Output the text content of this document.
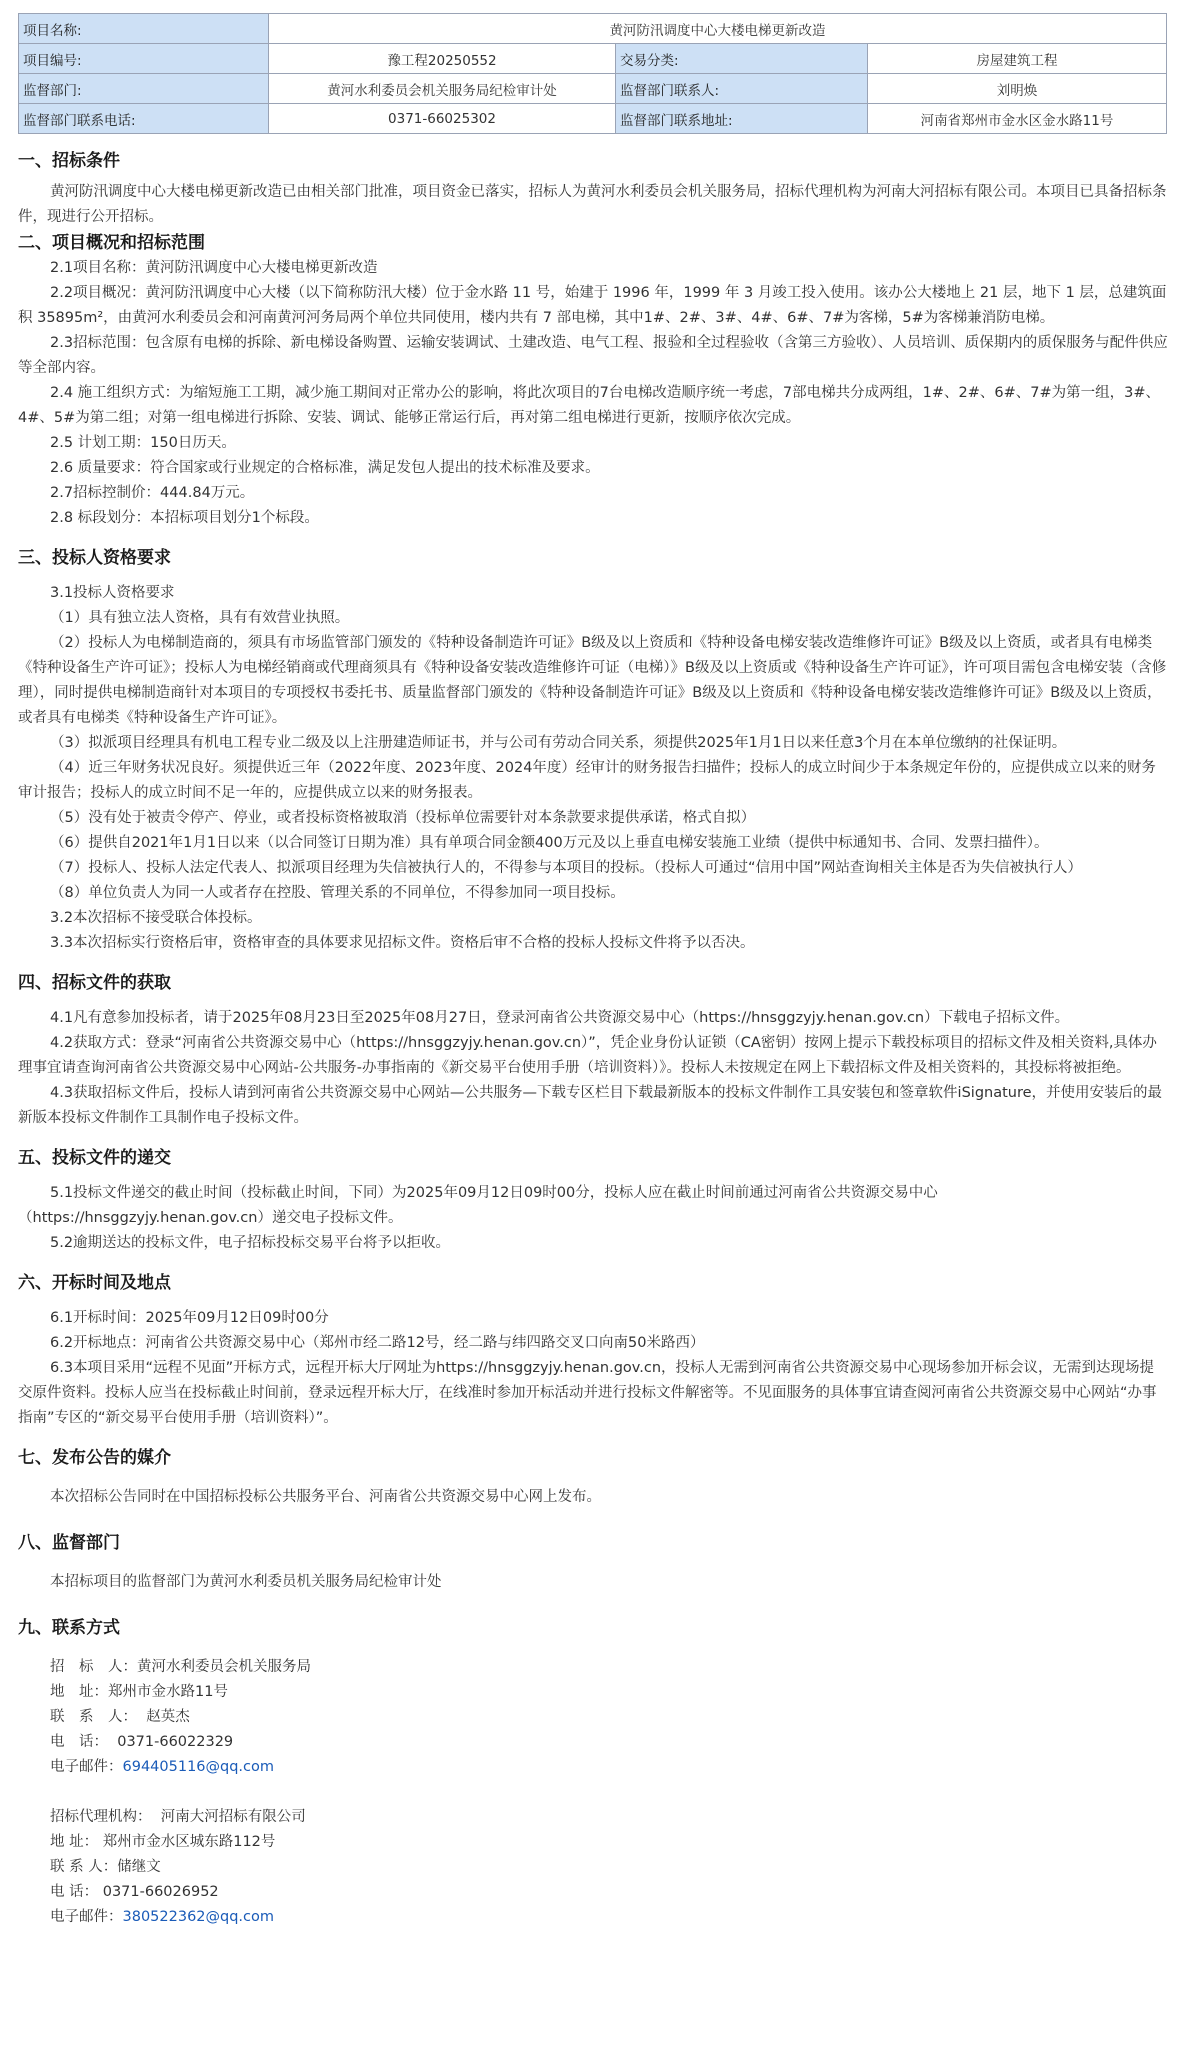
项目名称:	黄河防汛调度中心大楼电梯更新改造		
项目编号:	豫工程20250552	交易分类:	房屋建筑工程
监督部门:	黄河水利委员会机关服务局纪检审计处	监督部门联系人:	刘明焕
监督部门联系电话:	0371-66025302	监督部门联系地址:	河南省郑州市金水区金水路11号
一、招标条件

黄河防汛调度中心大楼电梯更新改造已由相关部门批准，项目资金已落实，招标人为黄河水利委员会机关服务局，招标代理机构为河南大河招标有限公司。本项目已具备招标条件，现进行公开招标。

二、项目概况和招标范围

2.1项目名称：黄河防汛调度中心大楼电梯更新改造

2.2项目概况：黄河防汛调度中心大楼（以下简称防汛大楼）位于金水路 11 号，始建于 1996 年，1999 年 3 月竣工投入使用。该办公大楼地上 21 层，地下 1 层，总建筑面积 35895m²，由黄河水利委员会和河南黄河河务局两个单位共同使用，楼内共有 7 部电梯，其中1#、2#、3#、4#、6#、7#为客梯，5#为客梯兼消防电梯。

2.3招标范围：包含原有电梯的拆除、新电梯设备购置、运输安装调试、土建改造、电气工程、报验和全过程验收（含第三方验收）、人员培训、质保期内的质保服务与配件供应等全部内容。

2.4 施工组织方式：为缩短施工工期，减少施工期间对正常办公的影响，将此次项目的7台电梯改造顺序统一考虑，7部电梯共分成两组，1#、2#、6#、7#为第一组，3#、4#、5#为第二组；对第一组电梯进行拆除、安装、调试、能够正常运行后，再对第二组电梯进行更新，按顺序依次完成。

2.5 计划工期：150日历天。

2.6 质量要求：符合国家或行业规定的合格标准，满足发包人提出的技术标准及要求。

2.7招标控制价：444.84万元。

2.8 标段划分：本招标项目划分1个标段。

三、投标人资格要求

3.1投标人资格要求

（1）具有独立法人资格，具有有效营业执照。

（2）投标人为电梯制造商的，须具有市场监管部门颁发的《特种设备制造许可证》B级及以上资质和《特种设备电梯安装改造维修许可证》B级及以上资质，或者具有电梯类《特种设备生产许可证》；投标人为电梯经销商或代理商须具有《特种设备安装改造维修许可证（电梯）》B级及以上资质或《特种设备生产许可证》，许可项目需包含电梯安装（含修理），同时提供电梯制造商针对本项目的专项授权书委托书、质量监督部门颁发的《特种设备制造许可证》B级及以上资质和《特种设备电梯安装改造维修许可证》B级及以上资质，或者具有电梯类《特种设备生产许可证》。

（3）拟派项目经理具有机电工程专业二级及以上注册建造师证书，并与公司有劳动合同关系，须提供2025年1月1日以来任意3个月在本单位缴纳的社保证明。

（4）近三年财务状况良好。须提供近三年（2022年度、2023年度、2024年度）经审计的财务报告扫描件；投标人的成立时间少于本条规定年份的，应提供成立以来的财务审计报告；投标人的成立时间不足一年的，应提供成立以来的财务报表。

（5）没有处于被责令停产、停业，或者投标资格被取消（投标单位需要针对本条款要求提供承诺，格式自拟）

（6）提供自2021年1月1日以来（以合同签订日期为准）具有单项合同金额400万元及以上垂直电梯安装施工业绩（提供中标通知书、合同、发票扫描件）。

（7）投标人、投标人法定代表人、拟派项目经理为失信被执行人的，不得参与本项目的投标。（投标人可通过“信用中国”网站查询相关主体是否为失信被执行人）

（8）单位负责人为同一人或者存在控股、管理关系的不同单位，不得参加同一项目投标。

3.2本次招标不接受联合体投标。

3.3本次招标实行资格后审，资格审查的具体要求见招标文件。资格后审不合格的投标人投标文件将予以否决。

四、招标文件的获取

4.1凡有意参加投标者，请于2025年08月23日至2025年08月27日，登录河南省公共资源交易中心（https://hnsggzyjy.henan.gov.cn）下载电子招标文件。

4.2获取方式：登录“河南省公共资源交易中心（https://hnsggzyjy.henan.gov.cn）”，凭企业身份认证锁（CA密钥）按网上提示下载投标项目的招标文件及相关资料,具体办理事宜请查询河南省公共资源交易中心网站-公共服务-办事指南的《新交易平台使用手册（培训资料）》。投标人未按规定在网上下载招标文件及相关资料的，其投标将被拒绝。

4.3获取招标文件后，投标人请到河南省公共资源交易中心网站—公共服务—下载专区栏目下载最新版本的投标文件制作工具安装包和签章软件iSignature，并使用安装后的最新版本投标文件制作工具制作电子投标文件。

五、投标文件的递交

5.1投标文件递交的截止时间（投标截止时间，下同）为2025年09月12日09时00分，投标人应在截止时间前通过河南省公共资源交易中心（https://hnsggzyjy.henan.gov.cn）递交电子投标文件。

5.2逾期送达的投标文件，电子招标投标交易平台将予以拒收。

六、开标时间及地点

6.1开标时间：2025年09月12日09时00分

6.2开标地点：河南省公共资源交易中心（郑州市经二路12号，经二路与纬四路交叉口向南50米路西）

6.3本项目采用“远程不见面”开标方式，远程开标大厅网址为https://hnsggzyjy.henan.gov.cn，投标人无需到河南省公共资源交易中心现场参加开标会议，无需到达现场提交原件资料。投标人应当在投标截止时间前，登录远程开标大厅，在线准时参加开标活动并进行投标文件解密等。不见面服务的具体事宜请查阅河南省公共资源交易中心网站“办事指南”专区的“新交易平台使用手册（培训资料）”。

七、发布公告的媒介

本次招标公告同时在中国招标投标公共服务平台、河南省公共资源交易中心网上发布。

八、监督部门

本招标项目的监督部门为黄河水利委员机关服务局纪检审计处

九、联系方式

招　标　人：黄河水利委员会机关服务局

地　址：郑州市金水路11号

联　系　人： 赵英杰

电　话： 0371-66022329

电子邮件：694405116@qq.com

招标代理机构： 河南大河招标有限公司

地 址： 郑州市金水区城东路112号

联 系 人：储继文

电 话： 0371-66026952

电子邮件：380522362@qq.com
